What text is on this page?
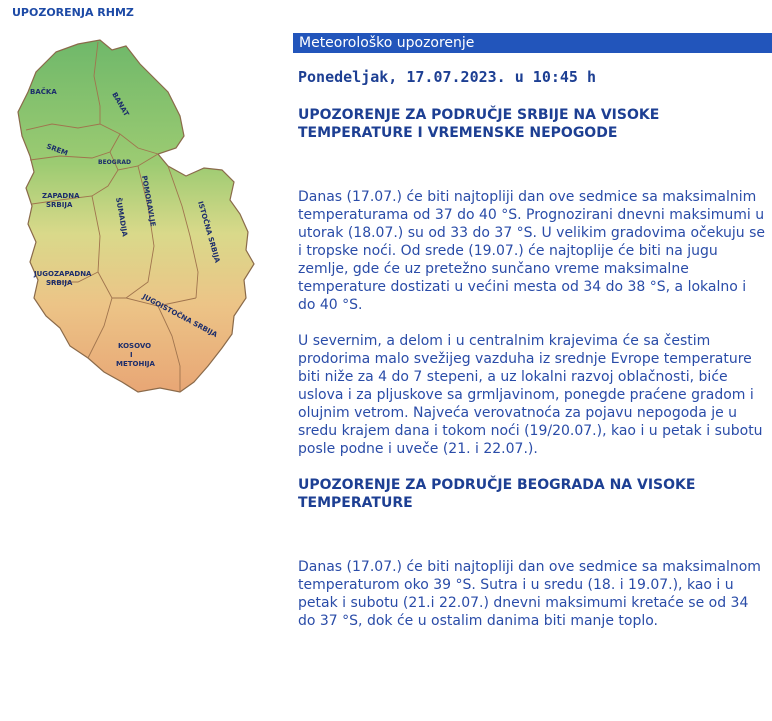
UPOZORENJA RHMZ
BAČKA	BANAT
SREM
BEOGRAD
ZAPADNA
SRBIJA	ŠUMADIJA POMORAVLJE	ISTOČNA SRBIJA
JUGOZAPADNA
SRBIJA
JUGOISTOČNA SRBIJA
KOSOVO
I
METOHIJA
Meteorološko upozorenje

Ponedeljak, 17.07.2023. u 10:45 h

UPOZORENJE ZA PODRUČJE SRBIJE NA VISOKE TEMPERATURE I VREMENSKE NEPOGODE

Danas (17.07.) će biti najtopliji dan ove sedmice sa maksimalnim temperaturama od 37 do 40 °S. Prognozirani dnevni maksimumi u utorak (18.07.) su od 33 do 37 °S. U velikim gradovima očekuju se i tropske noći. Od srede (19.07.) će najtoplije će biti na jugu zemlje, gde će uz pretežno sunčano vreme maksimalne temperature dostizati u većini mesta od 34 do 38 °S, a lokalno i do 40 °S.

U severnim, a delom i u centralnim krajevima će sa čestim prodorima malo svežijeg vazduha iz srednje Evrope temperature biti niže za 4 do 7 stepeni, a uz lokalni razvoj oblačnosti, biće uslova i za pljuskove sa grmljavinom, ponegde praćene gradom i olujnim vetrom. Najveća verovatnoća za pojavu nepogoda je u sredu krajem dana i tokom noći (19/20.07.), kao i u petak i subotu posle podne i uveče (21. i 22.07.).

UPOZORENJE ZA PODRUČJE BEOGRADA NA VISOKE TEMPERATURE

Danas (17.07.) će biti najtopliji dan ove sedmice sa maksimalnom temperaturom oko 39 °S. Sutra i u sredu (18. i 19.07.), kao i u petak i subotu (21.i 22.07.) dnevni maksimumi kretaće se od 34 do 37 °S, dok će u ostalim danima biti manje toplo.
